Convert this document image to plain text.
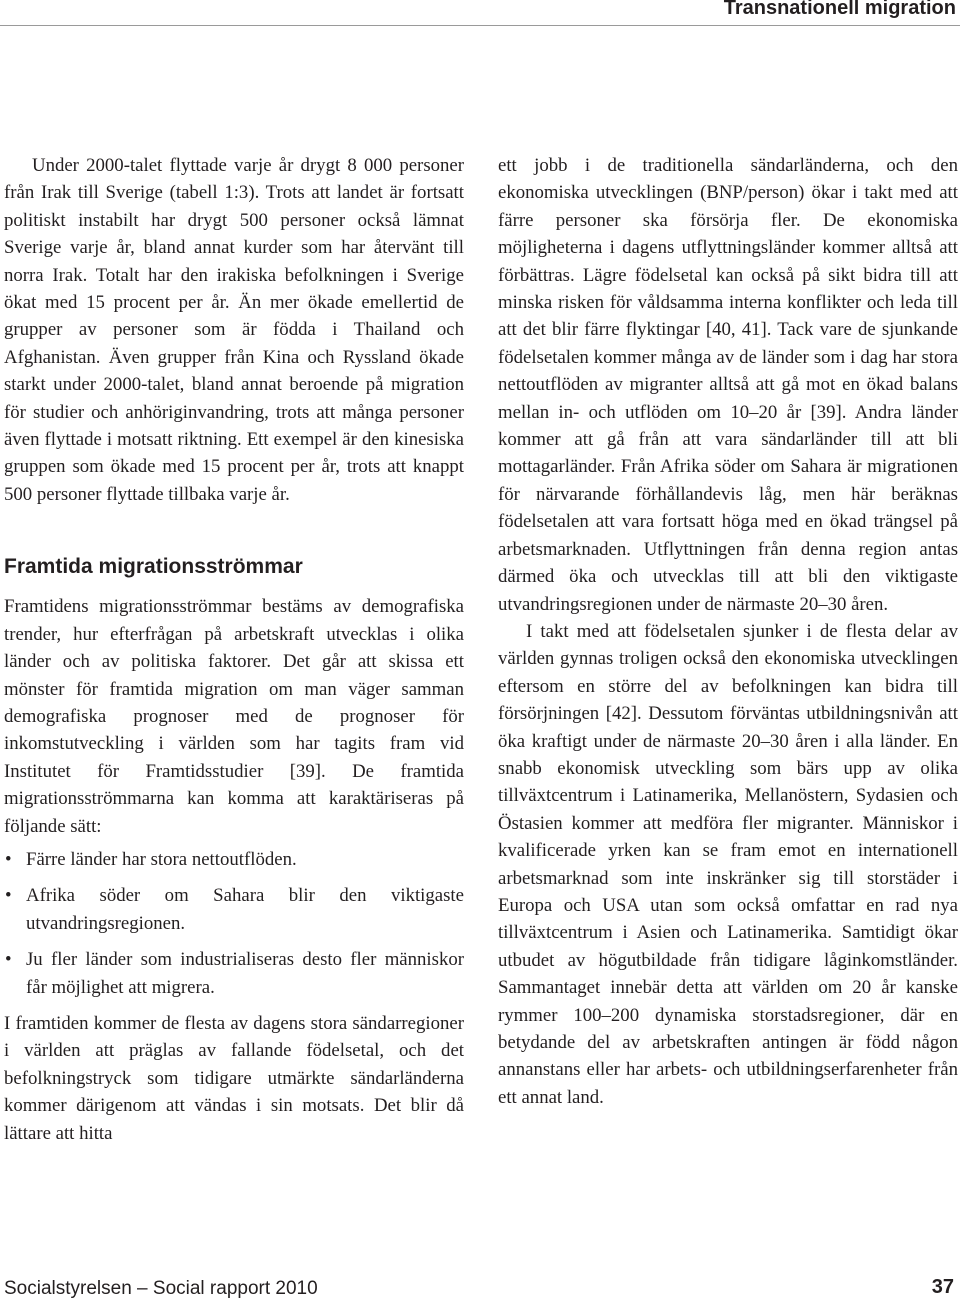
Transnationell migration

Under 2000-talet flyttade varje år drygt 8 000 personer från Irak till Sverige (tabell 1:3). Trots att landet är fortsatt politiskt instabilt har drygt 500 personer också lämnat Sverige varje år, bland annat kurder som har återvänt till norra Irak. Totalt har den irakiska befolkningen i Sverige ökat med 15 procent per år. Än mer ökade emellertid de grupper av personer som är födda i Thailand och Afghanistan. Även grupper från Kina och Ryssland ökade starkt under 2000-talet, bland annat beroende på migration för studier och anhöriginvandring, trots att många personer även flyttade i motsatt riktning. Ett exempel är den kinesiska gruppen som ökade med 15 procent per år, trots att knappt 500 personer flyttade tillbaka varje år.

Framtida migrationsströmmar

Framtidens migrationsströmmar bestäms av demografiska trender, hur efterfrågan på arbetskraft utvecklas i olika länder och av politiska faktorer. Det går att skissa ett mönster för framtida migration om man väger samman demografiska prognoser med de prognoser för inkomstutveckling i världen som har tagits fram vid Institutet för Framtidsstudier [39]. De framtida migrationsströmmarna kan komma att karaktäriseras på följande sätt:

• Färre länder har stora nettoutflöden.
• Afrika söder om Sahara blir den viktigaste utvandringsregionen.
• Ju fler länder som industrialiseras desto fler människor får möjlighet att migrera.

I framtiden kommer de flesta av dagens stora sändarregioner i världen att präglas av fallande födelsetal, och det befolkningstryck som tidigare utmärkte sändarländerna kommer därigenom att vändas i sin motsats. Det blir då lättare att hitta

ett jobb i de traditionella sändarländerna, och den ekonomiska utvecklingen (BNP/person) ökar i takt med att färre personer ska försörja fler. De ekonomiska möjligheterna i dagens utflyttningsländer kommer alltså att förbättras. Lägre födelsetal kan också på sikt bidra till att minska risken för våldsamma interna konflikter och leda till att det blir färre flyktingar [40, 41]. Tack vare de sjunkande födelsetalen kommer många av de länder som i dag har stora nettoutflöden av migranter alltså att gå mot en ökad balans mellan in- och utflöden om 10–20 år [39]. Andra länder kommer att gå från att vara sändarländer till att bli mottagarländer. Från Afrika söder om Sahara är migrationen för närvarande förhållandevis låg, men här beräknas födelsetalen att vara fortsatt höga med en ökad trängsel på arbetsmarknaden. Utflyttningen från denna region antas därmed öka och utvecklas till att bli den viktigaste utvandringsregionen under de närmaste 20–30 åren.

I takt med att födelsetalen sjunker i de flesta delar av världen gynnas troligen också den ekonomiska utvecklingen eftersom en större del av befolkningen kan bidra till försörjningen [42]. Dessutom förväntas utbildningsnivån att öka kraftigt under de närmaste 20–30 åren i alla länder. En snabb ekonomisk utveckling som bärs upp av olika tillväxtcentrum i Latinamerika, Mellanöstern, Sydasien och Östasien kommer att medföra fler migranter. Människor i kvalificerade yrken kan se fram emot en internationell arbetsmarknad som inte inskränker sig till storstäder i Europa och USA utan som också omfattar en rad nya tillväxtcentrum i Asien och Latinamerika. Samtidigt ökar utbudet av högutbildade från tidigare låginkomstländer. Sammantaget innebär detta att världen om 20 år kanske rymmer 100–200 dynamiska storstadsregioner, där en betydande del av arbetskraften antingen är född någon annanstans eller har arbets- och utbildningserfarenheter från ett annat land.

Socialstyrelsen – Social rapport 2010	37
